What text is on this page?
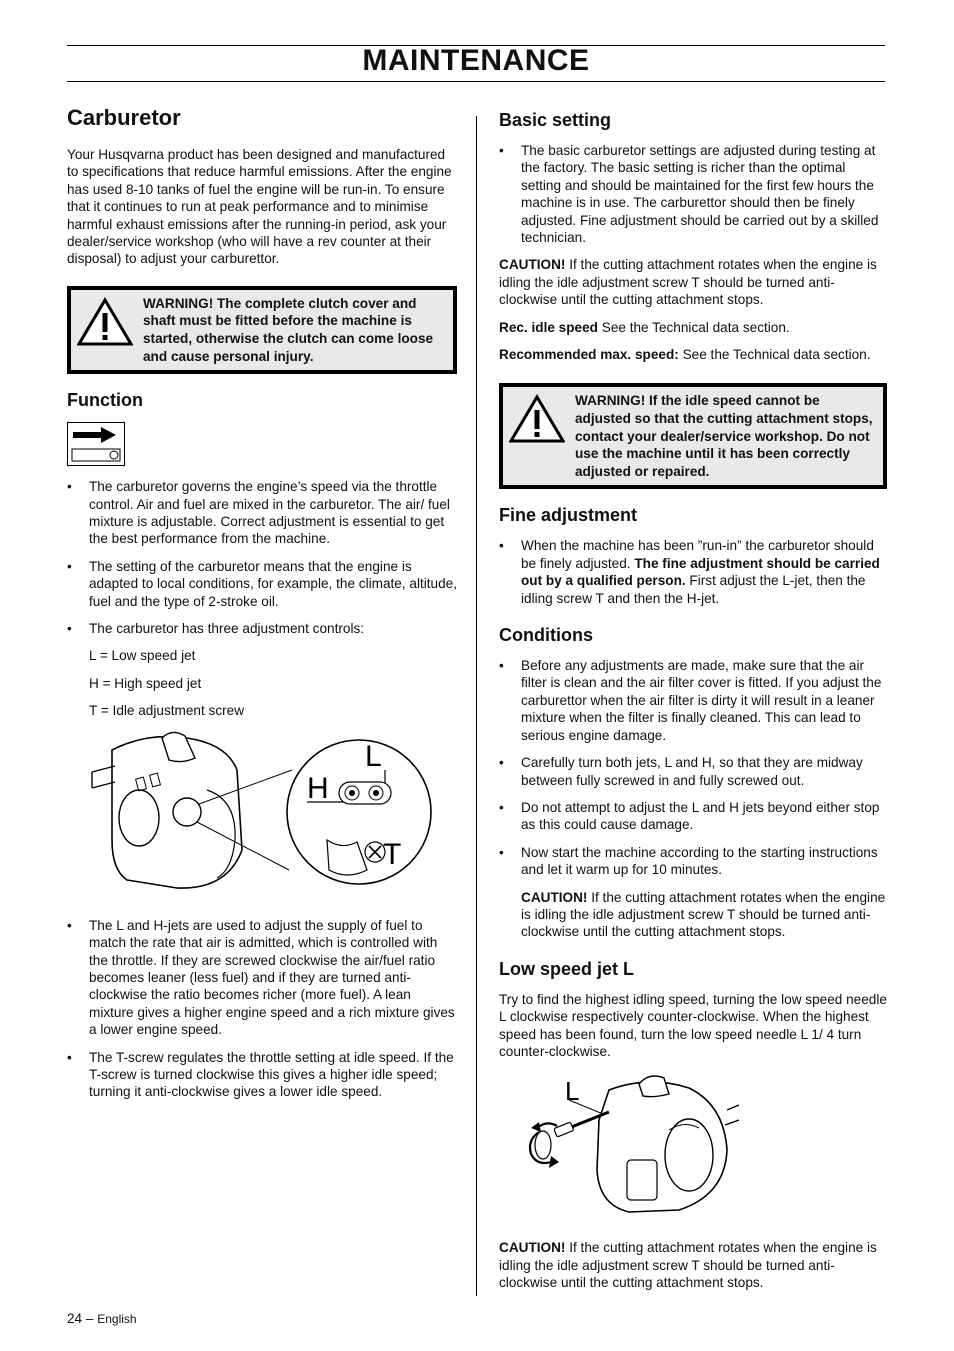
MAINTENANCE
Carburetor

Your Husqvarna product has been designed and manufactured to specifications that reduce harmful emissions. After the engine has used 8-10 tanks of fuel the engine will be run-in. To ensure that it continues to run at peak performance and to minimise harmful exhaust emissions after the running-in period, ask your dealer/service workshop (who will have a rev counter at their disposal) to adjust your carburettor.

WARNING! The complete clutch cover and shaft must be fitted before the machine is started, otherwise the clutch can come loose and cause personal injury.
Function
• The carburetor governs the engine’s speed via the throttle control. Air and fuel are mixed in the carburetor. The air/ fuel mixture is adjustable. Correct adjustment is essential to get the best performance from the machine.
• The setting of the carburetor means that the engine is adapted to local conditions, for example, the climate, altitude, fuel and the type of 2-stroke oil.
• The carburetor has three adjustment controls:
L = Low speed jet
H = High speed jet
T = Idle adjustment screw
L
H
T
• The L and H-jets are used to adjust the supply of fuel to match the rate that air is admitted, which is controlled with the throttle. If they are screwed clockwise the air/fuel ratio becomes leaner (less fuel) and if they are turned anti-clockwise the ratio becomes richer (more fuel). A lean mixture gives a higher engine speed and a rich mixture gives a lower engine speed.
• The T-screw regulates the throttle setting at idle speed. If the T-screw is turned clockwise this gives a higher idle speed; turning it anti-clockwise gives a lower idle speed.
Basic setting
• The basic carburetor settings are adjusted during testing at the factory. The basic setting is richer than the optimal setting and should be maintained for the first few hours the machine is in use. The carburettor should then be finely adjusted. Fine adjustment should be carried out by a skilled technician.

CAUTION! If the cutting attachment rotates when the engine is idling the idle adjustment screw T should be turned anti-clockwise until the cutting attachment stops.

Rec. idle speed See the Technical data section.

Recommended max. speed: See the Technical data section.

WARNING! If the idle speed cannot be adjusted so that the cutting attachment stops, contact your dealer/service workshop. Do not use the machine until it has been correctly adjusted or repaired.
Fine adjustment
• When the machine has been ”run-in” the carburetor should be finely adjusted. The fine adjustment should be carried out by a qualified person. First adjust the L-jet, then the idling screw T and then the H-jet.
Conditions
• Before any adjustments are made, make sure that the air filter is clean and the air filter cover is fitted. If you adjust the carburettor when the air filter is dirty it will result in a leaner mixture when the filter is finally cleaned. This can lead to serious engine damage.
• Carefully turn both jets, L and H, so that they are midway between fully screwed in and fully screwed out.
• Do not attempt to adjust the L and H jets beyond either stop as this could cause damage.
• Now start the machine according to the starting instructions and let it warm up for 10 minutes.
CAUTION! If the cutting attachment rotates when the engine is idling the idle adjustment screw T should be turned anti-clockwise until the cutting attachment stops.
Low speed jet L

Try to find the highest idling speed, turning the low speed needle L clockwise respectively counter-clockwise. When the highest speed has been found, turn the low speed needle L 1/ 4 turn counter-clockwise.

L

CAUTION! If the cutting attachment rotates when the engine is idling the idle adjustment screw T should be turned anti-clockwise until the cutting attachment stops.

24 – English
